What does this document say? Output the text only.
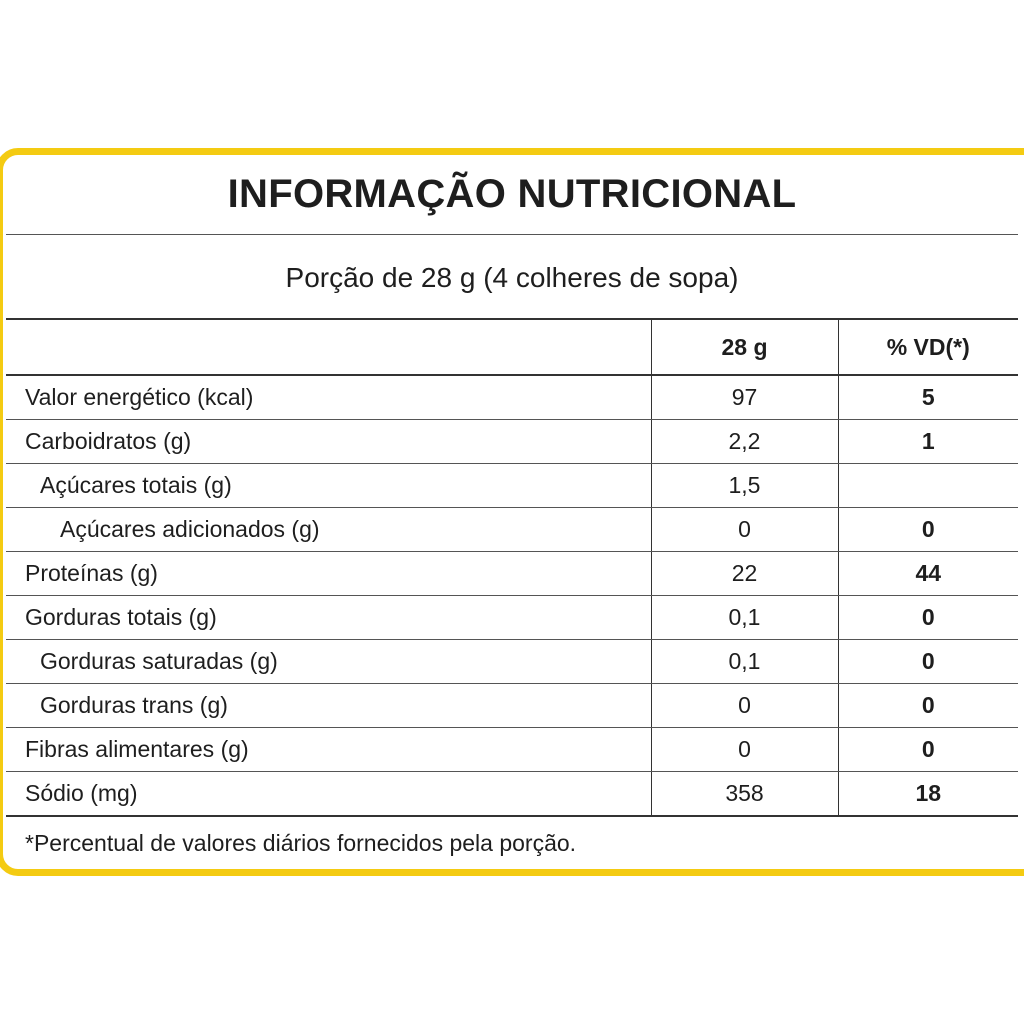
INFORMAÇÃO NUTRICIONAL
Porção de 28 g (4 colheres de sopa)
	28 g	% VD(*)
Valor energético (kcal)	97	5
Carboidratos (g)	2,2	1
Açúcares totais (g)	1,5	
Açúcares adicionados (g)	0	0
Proteínas (g)	22	44
Gorduras totais (g)	0,1	0
Gorduras saturadas (g)	0,1	0
Gorduras trans (g)	0	0
Fibras alimentares (g)	0	0
Sódio (mg)	358	18
*Percentual de valores diários fornecidos pela porção.
